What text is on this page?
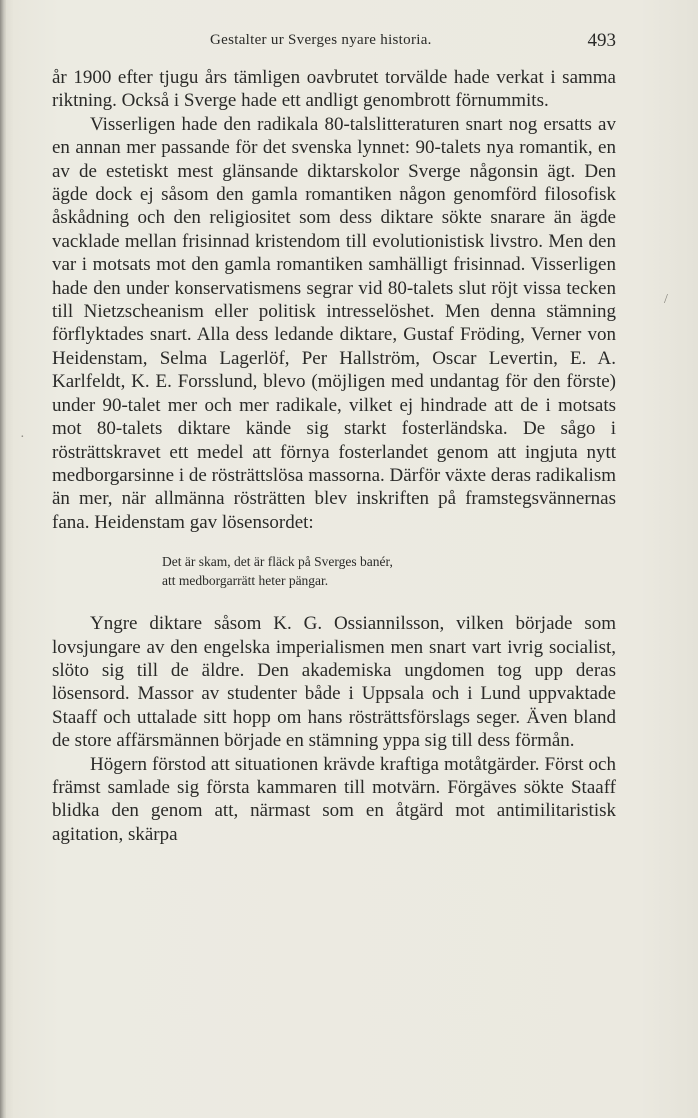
Gestalter ur Sverges nyare historia.	493

år 1900 efter tjugu års tämligen oavbrutet torvälde hade verkat i samma riktning. Också i Sverge hade ett andligt genombrott förnummits.

Visserligen hade den radikala 80-talslitteraturen snart nog ersatts av en annan mer passande för det svenska lynnet: 90-talets nya romantik, en av de estetiskt mest glänsande diktarskolor Sverge någonsin ägt. Den ägde dock ej såsom den gamla romantiken någon genomförd filosofisk åskådning och den religiositet som dess diktare sökte snarare än ägde vacklade mellan frisinnad kristendom till evolutionistisk livstro. Men den var i motsats mot den gamla romantiken samhälligt frisinnad. Visserligen hade den under konservatismens segrar vid 80-talets slut röjt vissa tecken till Nietzscheanism eller politisk intresselöshet. Men denna stämning förflyktades snart. Alla dess ledande diktare, Gustaf Fröding, Verner von Heidenstam, Selma Lagerlöf, Per Hallström, Oscar Levertin, E. A. Karlfeldt, K. E. Forsslund, blevo (möjligen med undantag för den förste) under 90-talet mer och mer radikale, vilket ej hindrade att de i motsats mot 80-talets diktare kände sig starkt fosterländska. De sågo i rösträttskravet ett medel att förnya fosterlandet genom att ingjuta nytt medborgarsinne i de rösträttslösa massorna. Därför växte deras radikalism än mer, när allmänna rösträtten blev inskriften på framstegsvännernas fana. Heidenstam gav lösensordet:

Det är skam, det är fläck på Sverges banér,

att medborgarrätt heter pängar.

Yngre diktare såsom K. G. Ossiannilsson, vilken började som lovsjungare av den engelska imperialismen men snart vart ivrig socialist, slöto sig till de äldre. Den akademiska ungdomen tog upp deras lösensord. Massor av studenter både i Uppsala och i Lund uppvaktade Staaff och uttalade sitt hopp om hans rösträttsförslags seger. Även bland de store affärsmännen började en stämning yppa sig till dess förmån.

Högern förstod att situationen krävde kraftiga motåtgärder. Först och främst samlade sig första kammaren till motvärn. Förgäves sökte Staaff blidka den genom att, närmast som en åtgärd mot antimilitaristisk agitation, skärpa

/
·
